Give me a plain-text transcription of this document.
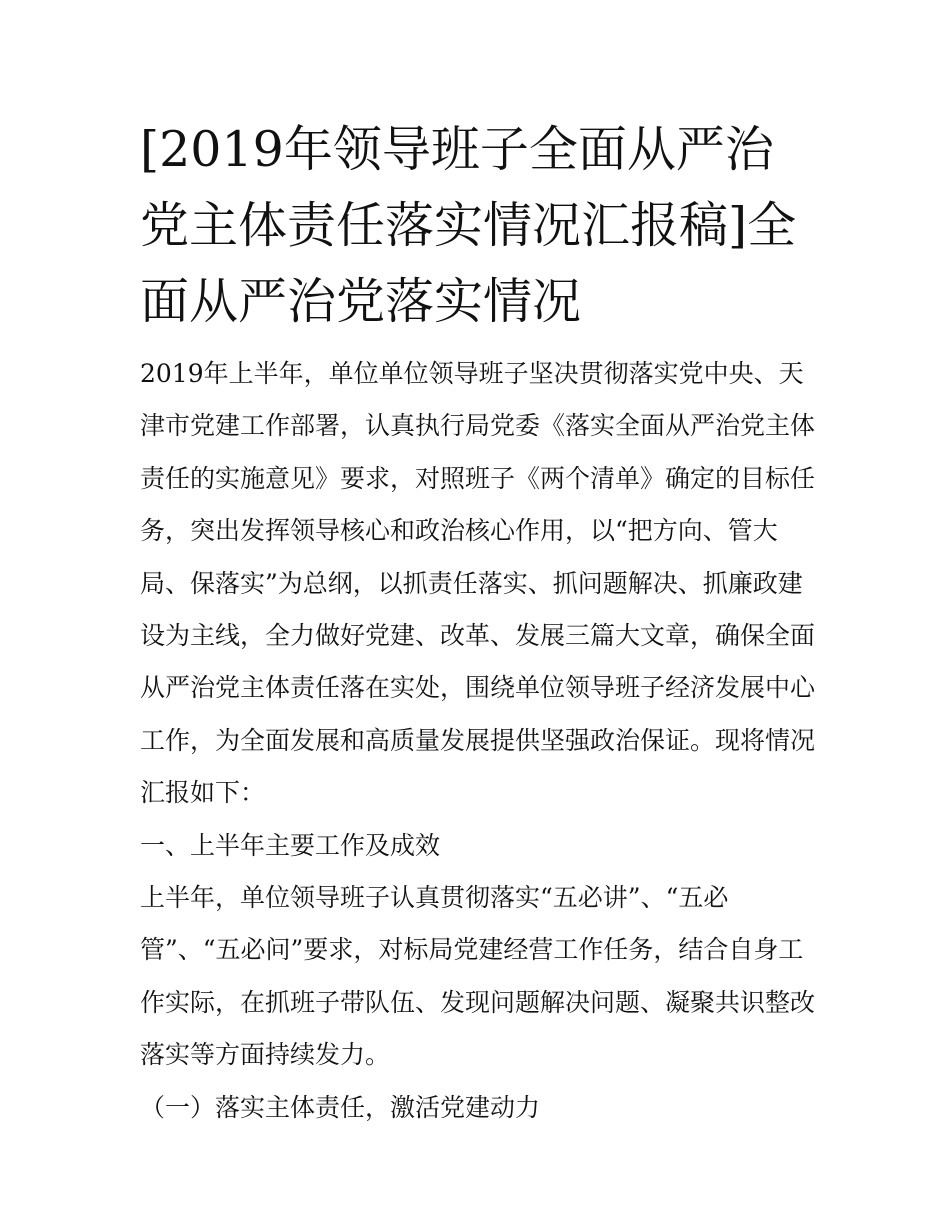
[2019年领导班子全面从严治
党主体责任落实情况汇报稿]全
面从严治党落实情况
2019年上半年，单位单位领导班子坚决贯彻落实党中央、天
津市党建工作部署，认真执行局党委《落实全面从严治党主体
责任的实施意见》要求，对照班子《两个清单》确定的目标任
务，突出发挥领导核心和政治核心作用，以“把方向、管大
局、保落实”为总纲，以抓责任落实、抓问题解决、抓廉政建
设为主线，全力做好党建、改革、发展三篇大文章，确保全面
从严治党主体责任落在实处，围绕单位领导班子经济发展中心
工作，为全面发展和高质量发展提供坚强政治保证。现将情况
汇报如下：
一、上半年主要工作及成效
上半年，单位领导班子认真贯彻落实“五必讲”、“五必
管”、“五必问”要求，对标局党建经营工作任务，结合自身工
作实际，在抓班子带队伍、发现问题解决问题、凝聚共识整改
落实等方面持续发力。
（一）落实主体责任，激活党建动力
